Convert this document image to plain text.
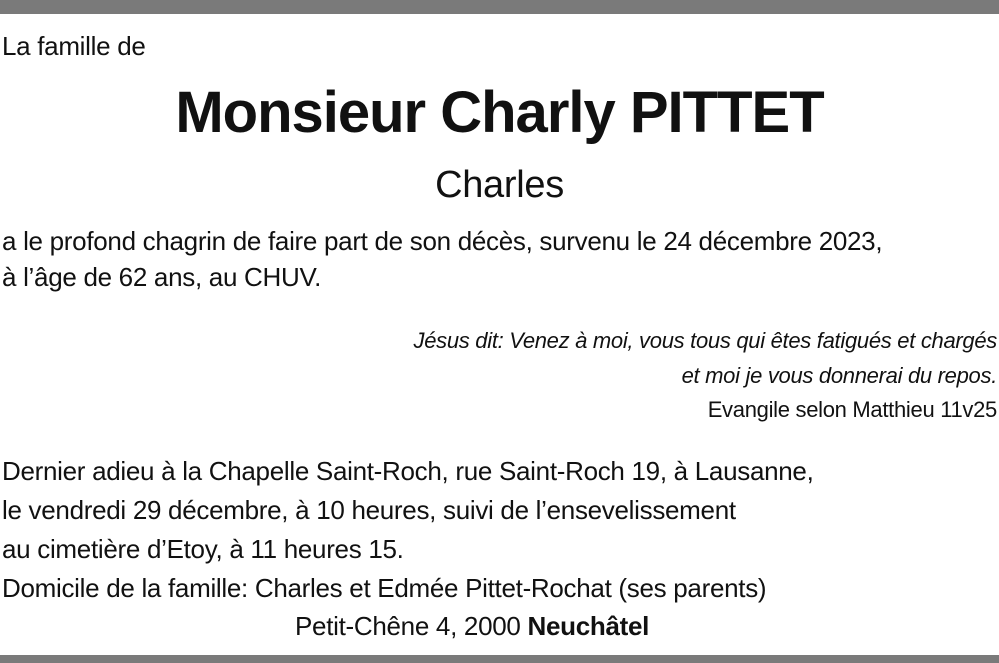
La famille de
Monsieur Charly PITTET
Charles
a le profond chagrin de faire part de son décès, survenu le 24 décembre 2023,
à l’âge de 62 ans, au CHUV.
Jésus dit: Venez à moi, vous tous qui êtes fatigués et chargés
et moi je vous donnerai du repos.
Evangile selon Matthieu 11v25
Dernier adieu à la Chapelle Saint-Roch, rue Saint-Roch 19, à Lausanne,
le vendredi 29 décembre, à 10 heures, suivi de l’ensevelissement
au cimetière d’Etoy, à 11 heures 15.
Domicile de la famille: Charles et Edmée Pittet-Rochat (ses parents)
Petit-Chêne 4, 2000 Neuchâtel
